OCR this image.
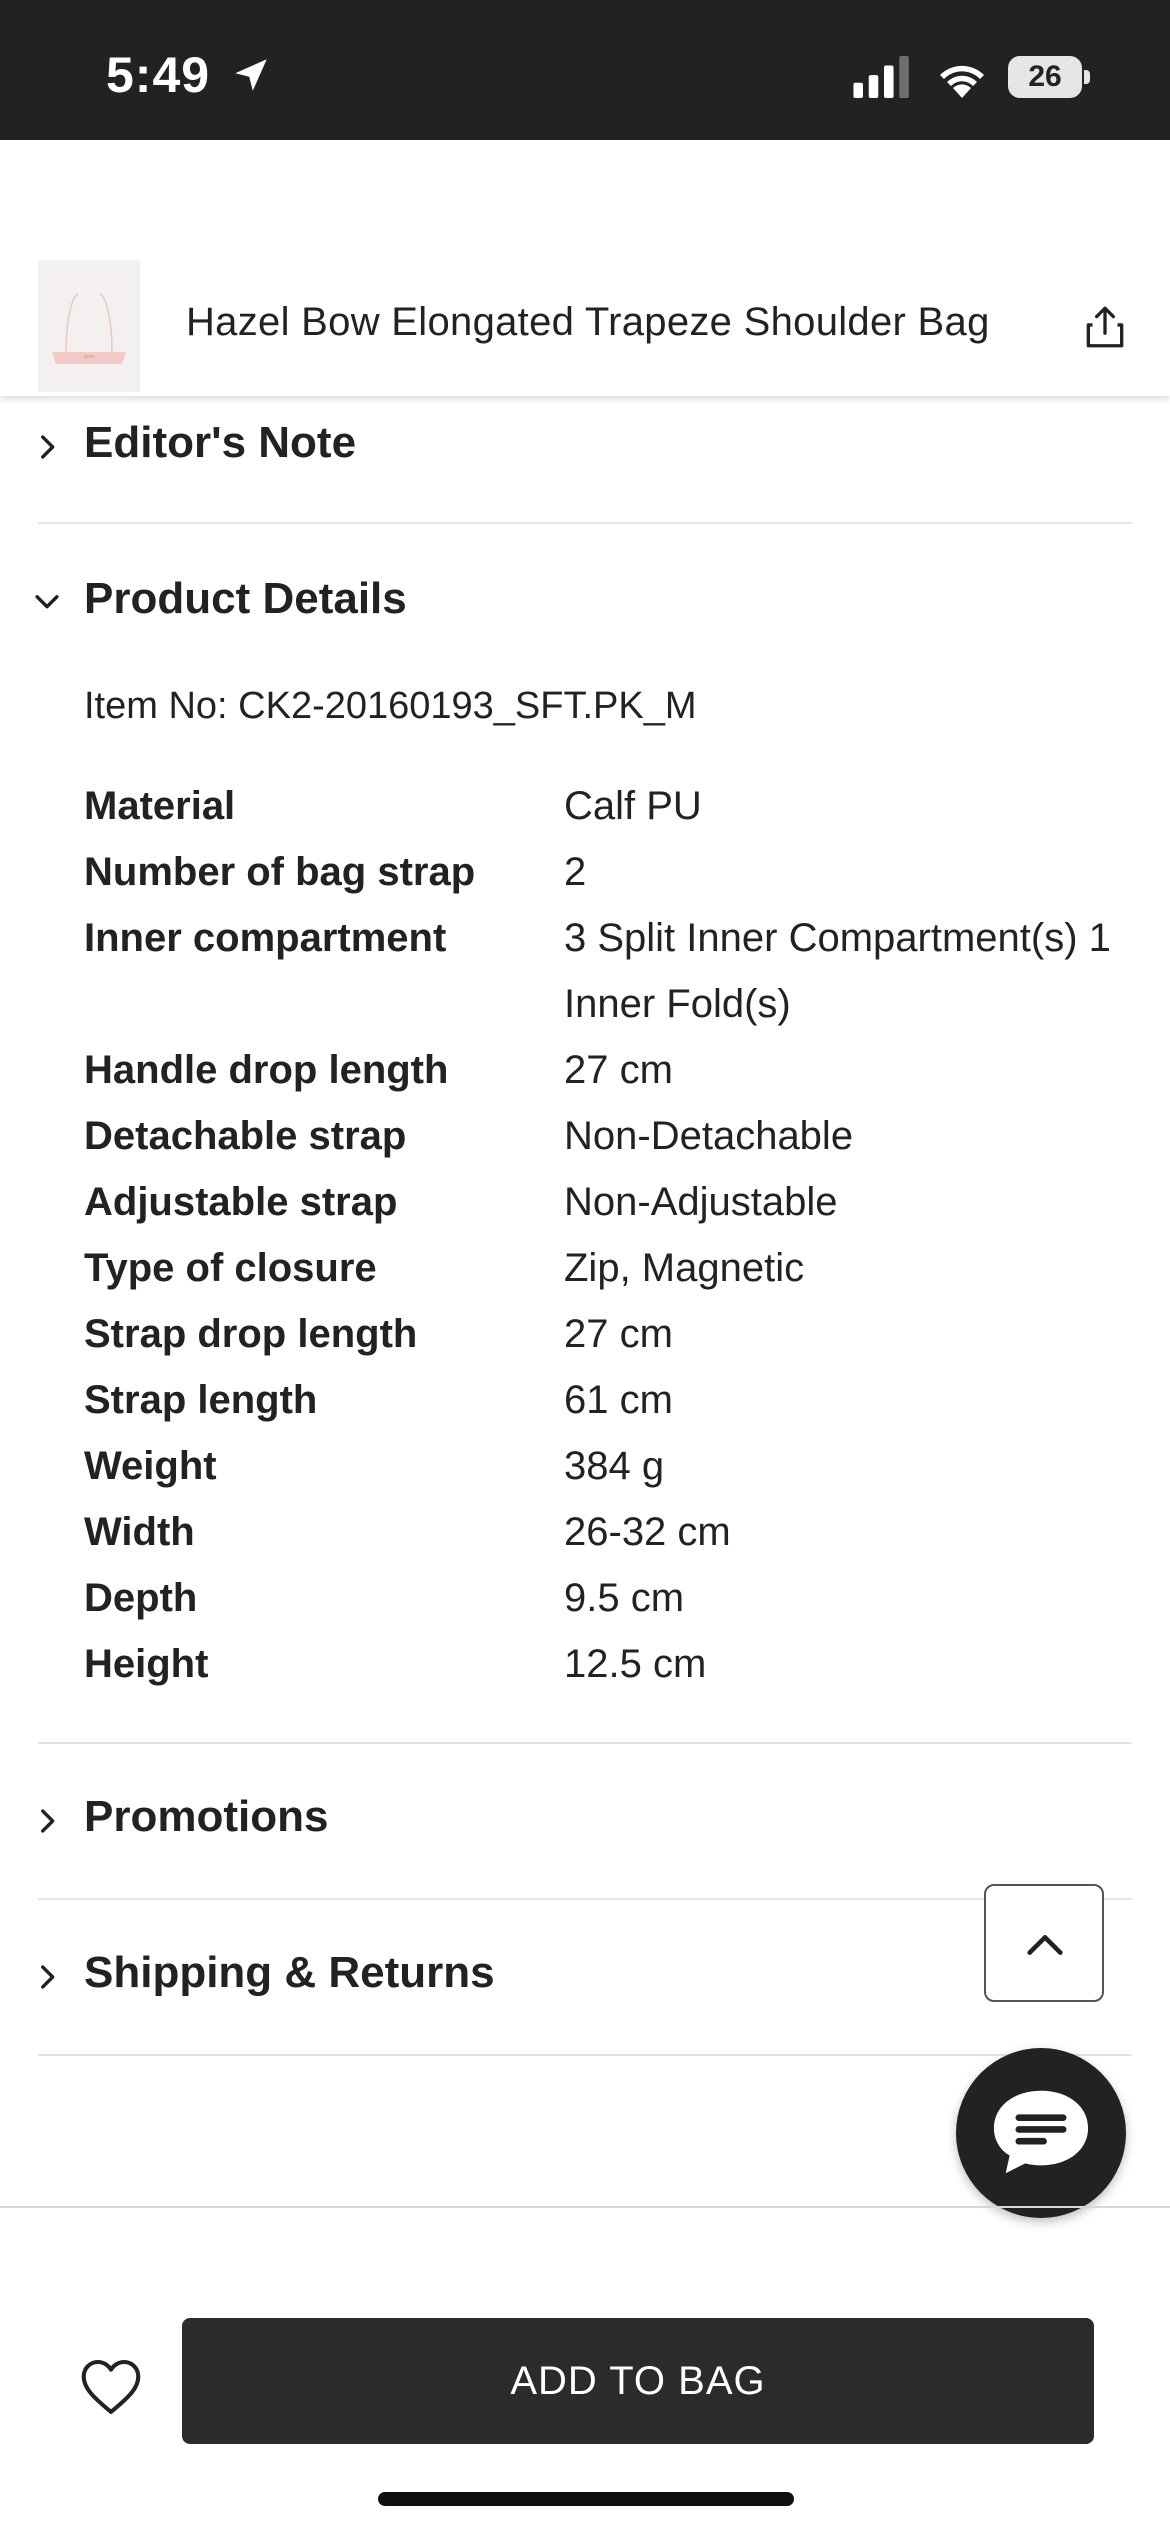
5:49	26
Hazel Bow Elongated Trapeze Shoulder Bag
Editor's Note
Product Details
Item No: CK2-20160193_SFT.PK_M
Material	Calf PU
Number of bag strap 2
Inner compartment	3 Split Inner Compartment(s) 1 Inner Fold(s)
Handle drop length	27 cm
Detachable strap	Non-Detachable
Adjustable strap	Non-Adjustable
Type of closure	Zip, Magnetic
Strap drop length	27 cm
Strap length	61 cm
Weight	384 g
Width	26-32 cm
Depth	9.5 cm
Height	12.5 cm
Promotions
Shipping & Returns
ADD TO BAG
